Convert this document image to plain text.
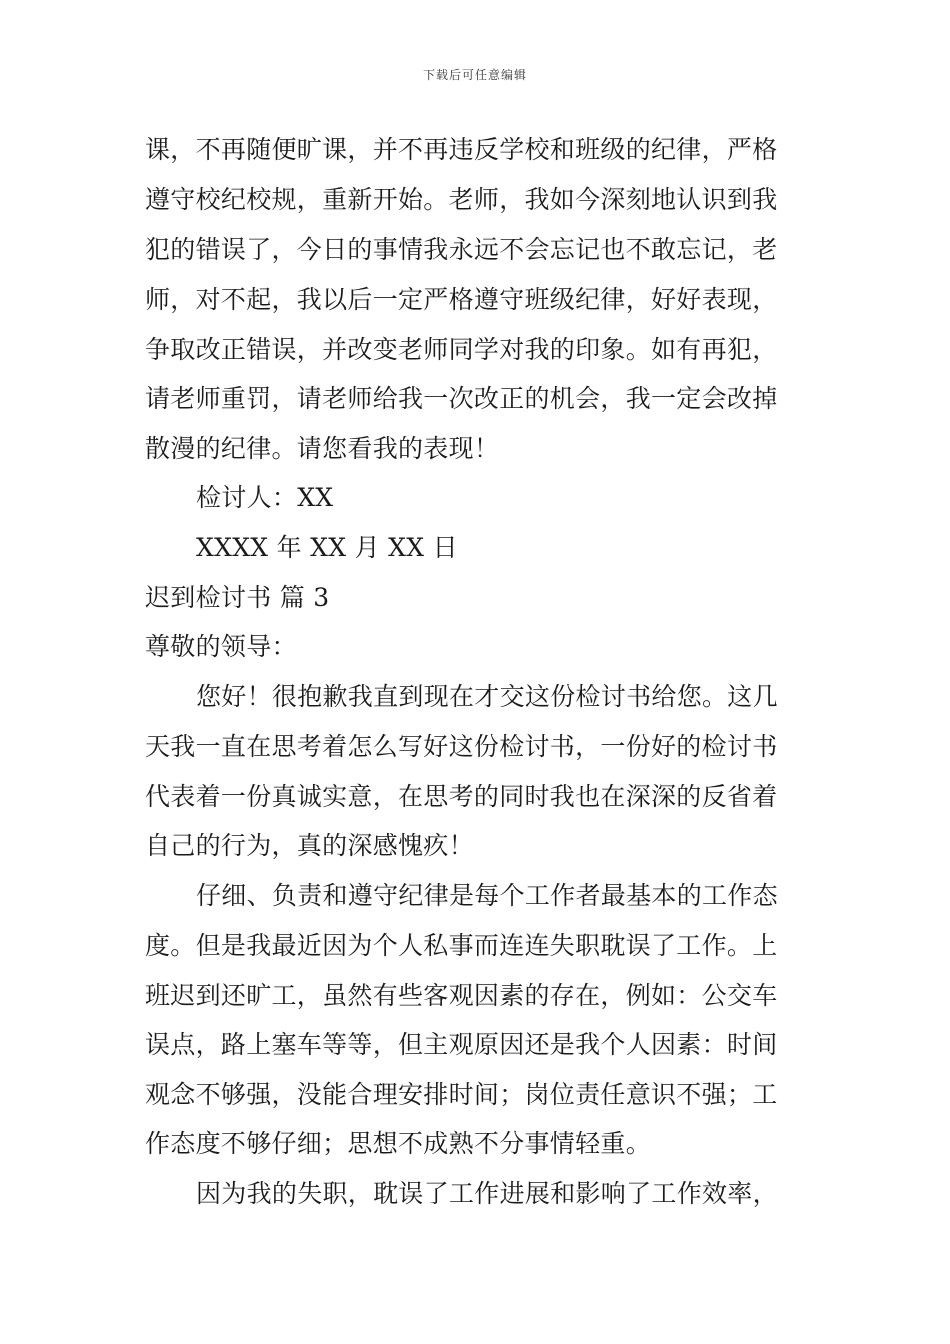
下载后可任意编辑
课，不再随便旷课，并不再违反学校和班级的纪律，严格
遵守校纪校规，重新开始。老师，我如今深刻地认识到我
犯的错误了，今日的事情我永远不会忘记也不敢忘记，老
师，对不起，我以后一定严格遵守班级纪律，好好表现，
争取改正错误，并改变老师同学对我的印象。如有再犯，
请老师重罚，请老师给我一次改正的机会，我一定会改掉
散漫的纪律。请您看我的表现！
检讨人：XX
XXXX 年 XX 月 XX 日
迟到检讨书 篇 3
尊敬的领导：
您好！很抱歉我直到现在才交这份检讨书给您。这几
天我一直在思考着怎么写好这份检讨书，一份好的检讨书
代表着一份真诚实意，在思考的同时我也在深深的反省着
自己的行为，真的深感愧疚！
仔细、负责和遵守纪律是每个工作者最基本的工作态
度。但是我最近因为个人私事而连连失职耽误了工作。上
班迟到还旷工，虽然有些客观因素的存在，例如：公交车
误点，路上塞车等等，但主观原因还是我个人因素：时间
观念不够强，没能合理安排时间；岗位责任意识不强；工
作态度不够仔细；思想不成熟不分事情轻重。
因为我的失职，耽误了工作进展和影响了工作效率，
